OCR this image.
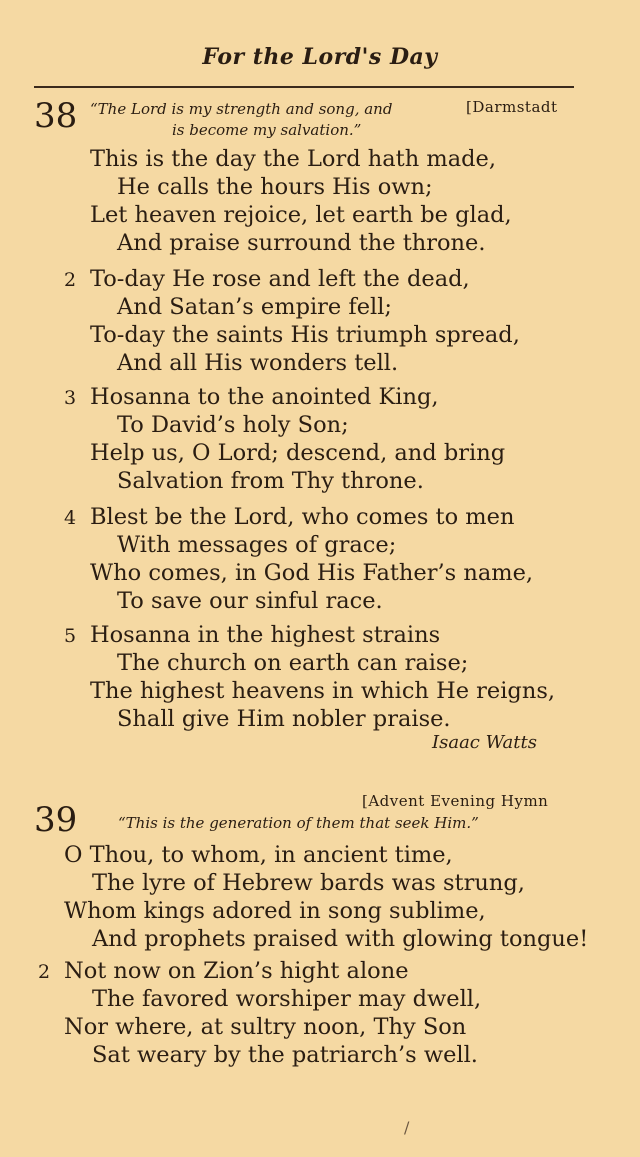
For the Lord's Day
38 “The Lord is my strength and song, and
is become my salvation.”
[Darmstadt
This is the day the Lord hath made,
He calls the hours His own;
Let heaven rejoice, let earth be glad,
And praise surround the throne.
2 To-day He rose and left the dead,
And Satan’s empire fell;
To-day the saints His triumph spread,
And all His wonders tell.
3 Hosanna to the anointed King,
To David’s holy Son;
Help us, O Lord; descend, and bring
Salvation from Thy throne.
4 Blest be the Lord, who comes to men
With messages of grace;
Who comes, in God His Father’s name,
To save our sinful race.
5 Hosanna in the highest strains
The church on earth can raise;
The highest heavens in which He reigns,
Shall give Him nobler praise.
Isaac Watts
[Advent Evening Hymn
39	“This is the generation of them that seek Him.”
O Thou, to whom, in ancient time,
The lyre of Hebrew bards was strung,
Whom kings adored in song sublime,
And prophets praised with glowing tongue!
2 Not now on Zion’s hight alone
The favored worshiper may dwell,
Nor where, at sultry noon, Thy Son
Sat weary by the patriarch’s well.
/
